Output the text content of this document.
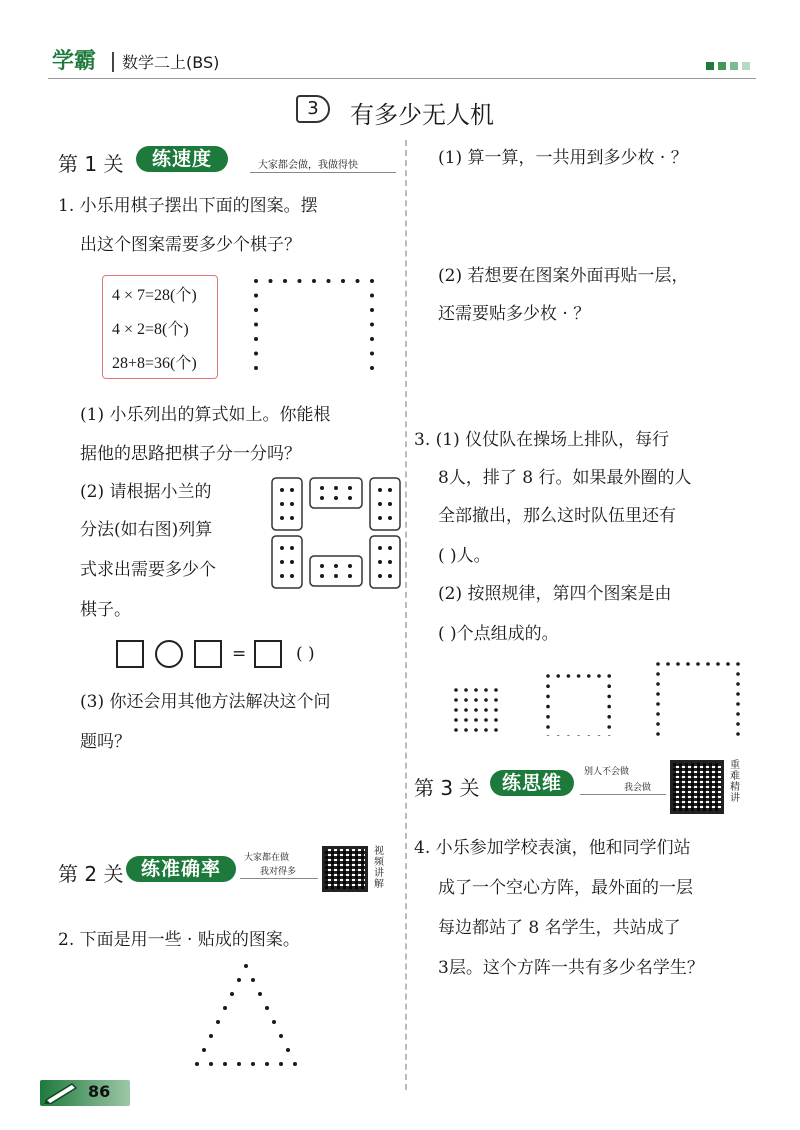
学霸 数学二上(BS)
3	有多少无人机
第 1 关	练速度	大家都会做，我做得快
1. 小乐用棋子摆出下面的图案。摆
出这个图案需要多少个棋子？
4 × 7=28(个)
4 × 2=8(个)
28+8=36(个)
(1) 小乐列出的算式如上。你能根
据他的思路把棋子分一分吗？
(2) 请根据小兰的
分法(如右图)列算
式求出需要多少个
棋子。
=	( )
(3) 你还会用其他方法解决这个问
题吗？
第 2 关 练准确率	大家都在做
我对得多
视频讲解
2. 下面是用一些 · 贴成的图案。
(1) 算一算，一共用到多少枚 · ？
(2) 若想要在图案外面再贴一层，
还需要贴多少枚 · ？
3. (1) 仪仗队在操场上排队，每行
8人，排了 8 行。如果最外圈的人
全部撤出，那么这时队伍里还有
( )人。
(2) 按照规律，第四个图案是由
( )个点组成的。
第 3 关	练思维	别人不会做
我会做
重难精讲
4. 小乐参加学校表演，他和同学们站
成了一个空心方阵，最外面的一层
每边都站了 8 名学生，共站成了
3层。这个方阵一共有多少名学生？
86
